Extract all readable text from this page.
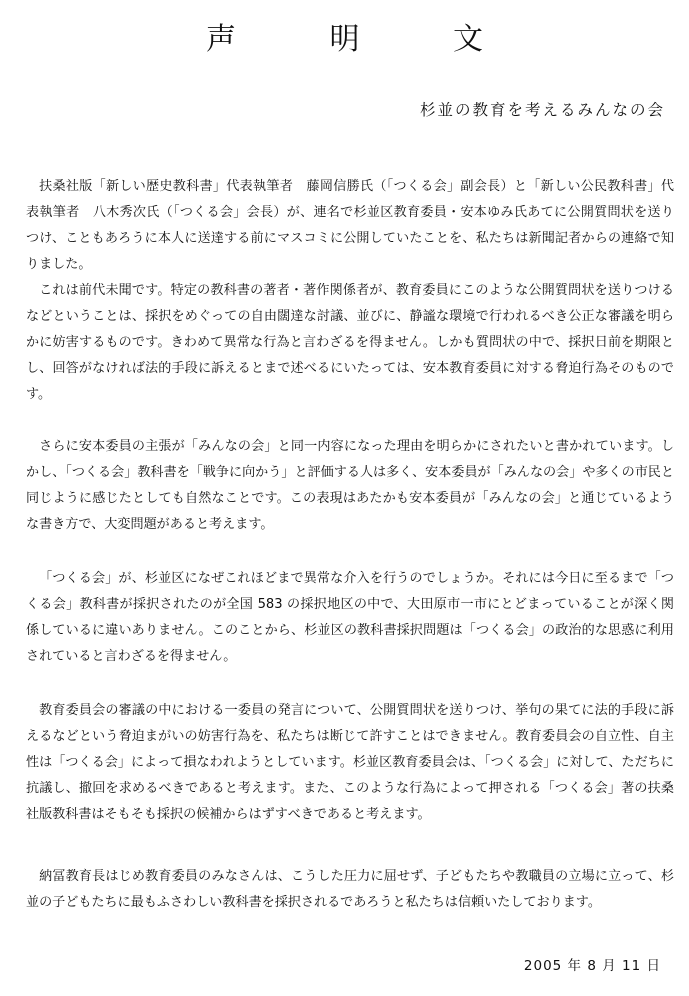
声 明 文

杉並の教育を考えるみんなの会

扶桑社版「新しい歴史教科書」代表執筆者　藤岡信勝氏（「つくる会」副会長）と「新しい公民教科書」代表執筆者　八木秀次氏（「つくる会」会長）が、連名で杉並区教育委員・安本ゆみ氏あてに公開質問状を送りつけ、こともあろうに本人に送達する前にマスコミに公開していたことを、私たちは新聞記者からの連絡で知りました。

これは前代未聞です。特定の教科書の著者・著作関係者が、教育委員にこのような公開質問状を送りつけるなどということは、採択をめぐっての自由闊達な討議、並びに、静謐な環境で行われるべき公正な審議を明らかに妨害するものです。きわめて異常な行為と言わざるを得ません。しかも質問状の中で、採択日前を期限とし、回答がなければ法的手段に訴えるとまで述べるにいたっては、安本教育委員に対する脅迫行為そのものです。

さらに安本委員の主張が「みんなの会」と同一内容になった理由を明らかにされたいと書かれています。しかし、「つくる会」教科書を「戦争に向かう」と評価する人は多く、安本委員が「みんなの会」や多くの市民と同じように感じたとしても自然なことです。この表現はあたかも安本委員が「みんなの会」と通じているような書き方で、大変問題があると考えます。

「つくる会」が、杉並区になぜこれほどまで異常な介入を行うのでしょうか。それには今日に至るまで「つくる会」教科書が採択されたのが全国 583 の採択地区の中で、大田原市一市にとどまっていることが深く関係しているに違いありません。このことから、杉並区の教科書採択問題は「つくる会」の政治的な思惑に利用されていると言わざるを得ません。

教育委員会の審議の中における一委員の発言について、公開質問状を送りつけ、挙句の果てに法的手段に訴えるなどという脅迫まがいの妨害行為を、私たちは断じて許すことはできません。教育委員会の自立性、自主性は「つくる会」によって損なわれようとしています。杉並区教育委員会は、「つくる会」に対して、ただちに抗議し、撤回を求めるべきであると考えます。また、このような行為によって押される「つくる会」著の扶桑社版教科書はそもそも採択の候補からはずすべきであると考えます。

納冨教育長はじめ教育委員のみなさんは、こうした圧力に屈せず、子どもたちや教職員の立場に立って、杉並の子どもたちに最もふさわしい教科書を採択されるであろうと私たちは信頼いたしております。

2005 年 8 月 11 日
